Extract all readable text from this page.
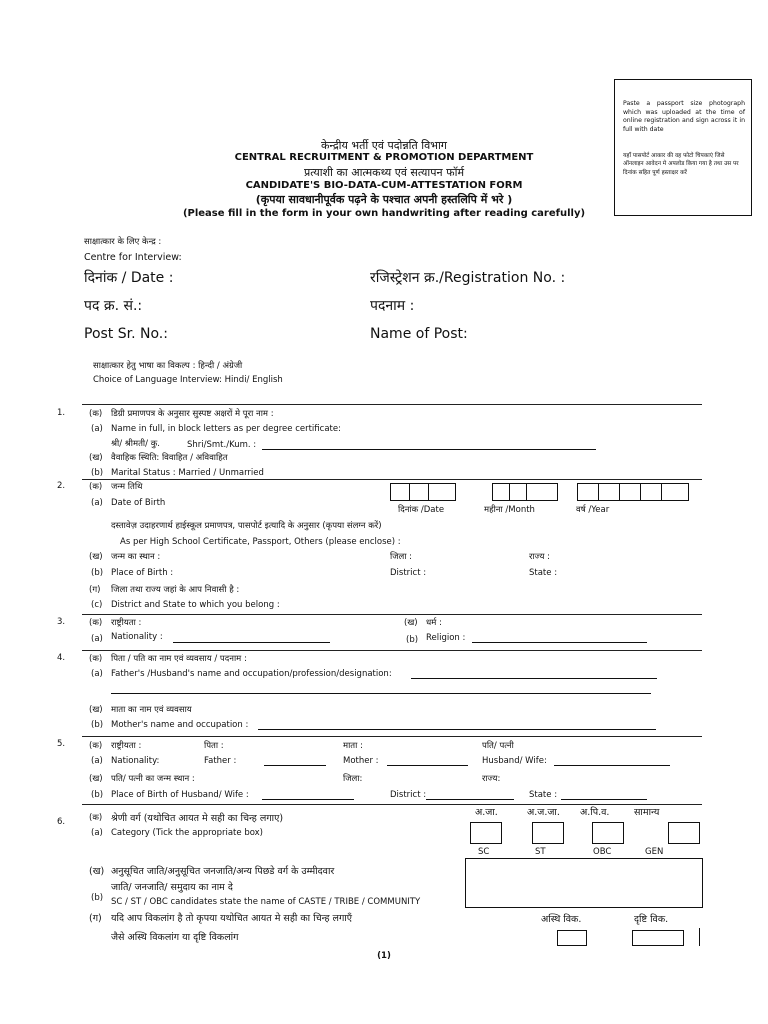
Paste a passport size photograph which was uploaded at the time of online registration and sign across it in full with date
यहाँ पासपोर्ट आकार की वह फोटो चिपकाएं जिसे ऑनलाइन आवेदन मे अपलोड किया गया है तथा उस पर दिनांक सहित पूर्ण हस्ताक्षर करें
केन्द्रीय भर्ती एवं पदोन्नति विभाग
CENTRAL RECRUITMENT & PROMOTION DEPARTMENT
प्रत्याशी का आत्मकथ्य एवं सत्यापन फॉर्म
CANDIDATE'S BIO-DATA-CUM-ATTESTATION FORM
(कृपया सावधानीपूर्वक पढ़ने के पश्चात अपनी हस्तलिपि में भरे )
(Please fill in the form in your own handwriting after reading carefully)
साक्षात्कार के लिए केन्द्र :
Centre for Interview:
दिनांक / Date :	रजिस्ट्रेशन क्र./Registration No. :
पद क्र. सं.:	पदनाम :
Post Sr. No.:	Name of Post:
साक्षात्कार हेतु भाषा का विकल्प : हिन्दी / अंग्रेजी
Choice of Language Interview: Hindi/ English
1.	(क) डिग्री प्रमाणपत्र के अनुसार सुस्पष्ट अक्षरों मे पूरा नाम :
(a) Name in full, in block letters as per degree certificate:
श्री/ श्रीमती/ कु.	Shri/Smt./Kum. :
(ख) वैवाहिक स्थिति: विवाहित / अविवाहित
(b) Marital Status : Married / Unmarried
2.	(क) जन्म तिथि
(a) Date of Birth
दिनांक /Date	महीना /Month	वर्ष /Year
दस्तावेज़ उदाहरणार्थ हाईस्कूल प्रमाणपत्र, पासपोर्ट इत्यादि के अनुसार (कृपया संलग्न करें)
As per High School Certificate, Passport, Others (please enclose) :
(ख) जन्म का स्थान :	जिला :	राज्य :
(b) Place of Birth :	District :	State :
(ग) जिला तथा राज्य जहां के आप निवासी है :
(c) District and State to which you belong :
3.	(क) राष्ट्रीयता :	(ख) धर्म :
(a) Nationality :	(b) Religion :
4.	(क) पिता / पति का नाम एवं व्यवसाय / पदनाम :
(a) Father's /Husband's name and occupation/profession/designation:
(ख) माता का नाम एवं व्यवसाय
(b) Mother's name and occupation :
5.	(क) राष्ट्रीयता :	पिता :	माता :	पति/ पत्नी
(a) Nationality:	Father :	Mother :	Husband/ Wife:
(ख) पति/ पत्नी का जन्म स्थान :	जिला:	राज्य:
(b) Place of Birth of Husband/ Wife :	District :	State :
6.	(क) श्रेणी वर्ग (यथोचित आयत मे सही का चिन्ह लगाए)
(a) Category (Tick the appropriate box)
अ.जा.	अ.ज.जा. अ.पि.व.	सामान्य
SC	ST	OBC	GEN
(ख) अनुसूचित जाति/अनुसूचित जनजाति/अन्य पिछडे वर्ग के उम्मीदवार
जाति/ जनजाति/ समुदाय का नाम दे
(b) SC / ST / OBC candidates state the name of CASTE / TRIBE / COMMUNITY
(ग) यदि आप विकलांग है तो कृपया यथोचित आयत मे सही का चिन्ह लगाएँ
जैसे अस्थि विकलांग या दृष्टि विकलांग
अस्थि विक.	दृष्टि विक.
(1)
